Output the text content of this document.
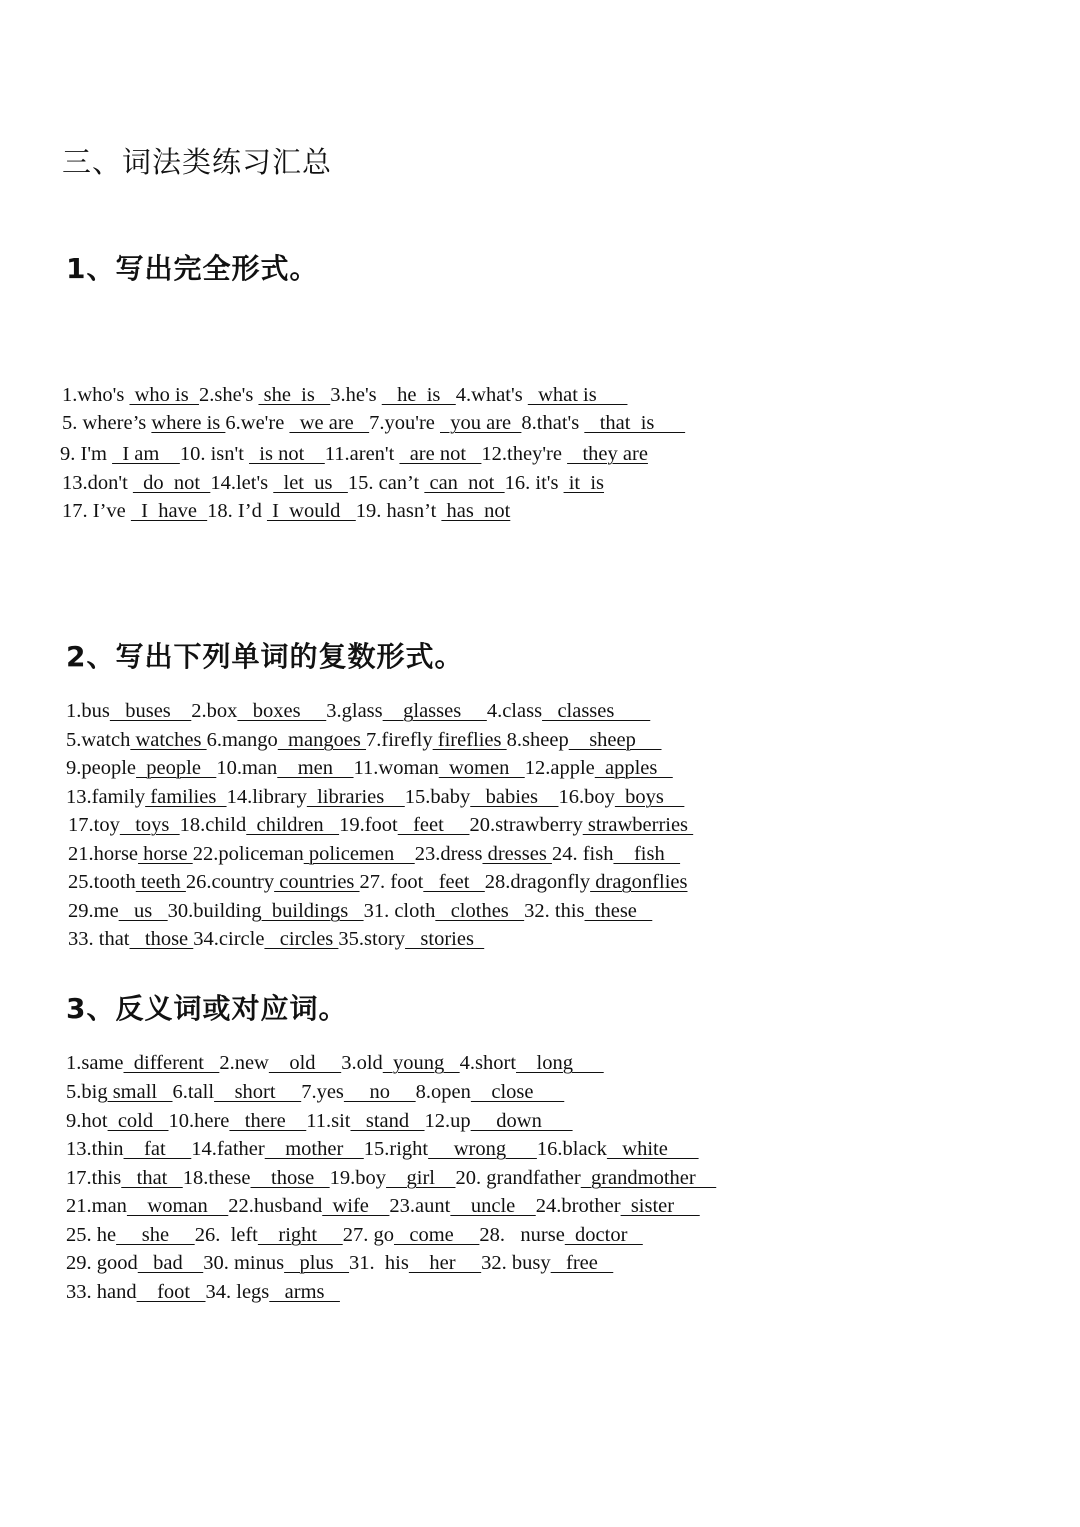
三、词法类练习汇总
1、写出完全形式。
1.who's  who is  2.she's  she  is   3.he's    he  is   4.what's   what is
5. where’s where is 6.we're   we are   7.you're   you are  8.that's    that  is
9. I'm   I am    10. isn't   is not    11.aren't   are not   12.they're    they are
13.don't   do  not  14.let's   let  us   15. can’t  can  not  16. it's  it  is
17. I’ve   I  have  18. I’d  I  would   19. hasn’t  has  not
2、写出下列单词的复数形式。
1.bus   buses    2.box   boxes     3.glass    glasses     4.class   classes
5.watch watches 6.mango  mangoes 7.firefly fireflies 8.sheep    sheep
9.people  people   10.man    men    11.woman  women   12.apple  apples
13.family families  14.library  libraries    15.baby   babies    16.boy  boys
17.toy   toys  18.child  children   19.foot   feet     20.strawberry strawberries
21.horse horse 22.policeman policemen    23.dress dresses 24. fish    fish
25.tooth teeth 26.country countries 27. foot   feet   28.dragonfly dragonflies
29.me   us   30.building  buildings   31. cloth   clothes   32. this  these
33. that   those 34.circle   circles 35.story   stories
3、反义词或对应词。
1.same  different   2.new    old     3.old  young   4.short    long
5.big small   6.tall    short     7.yes     no     8.open    close
9.hot  cold   10.here   there    11.sit   stand   12.up     down
13.thin    fat     14.father    mother    15.right     wrong      16.black   white
17.this   that   18.these    those   19.boy    girl    20. grandfather  grandmother
21.man    woman    22.husband  wife    23.aunt    uncle    24.brother  sister
25. he     she     26.  left    right     27. go   come     28.   nurse  doctor
29. good   bad    30. minus   plus   31.  his    her     32. busy   free
33. hand    foot   34. legs   arms
